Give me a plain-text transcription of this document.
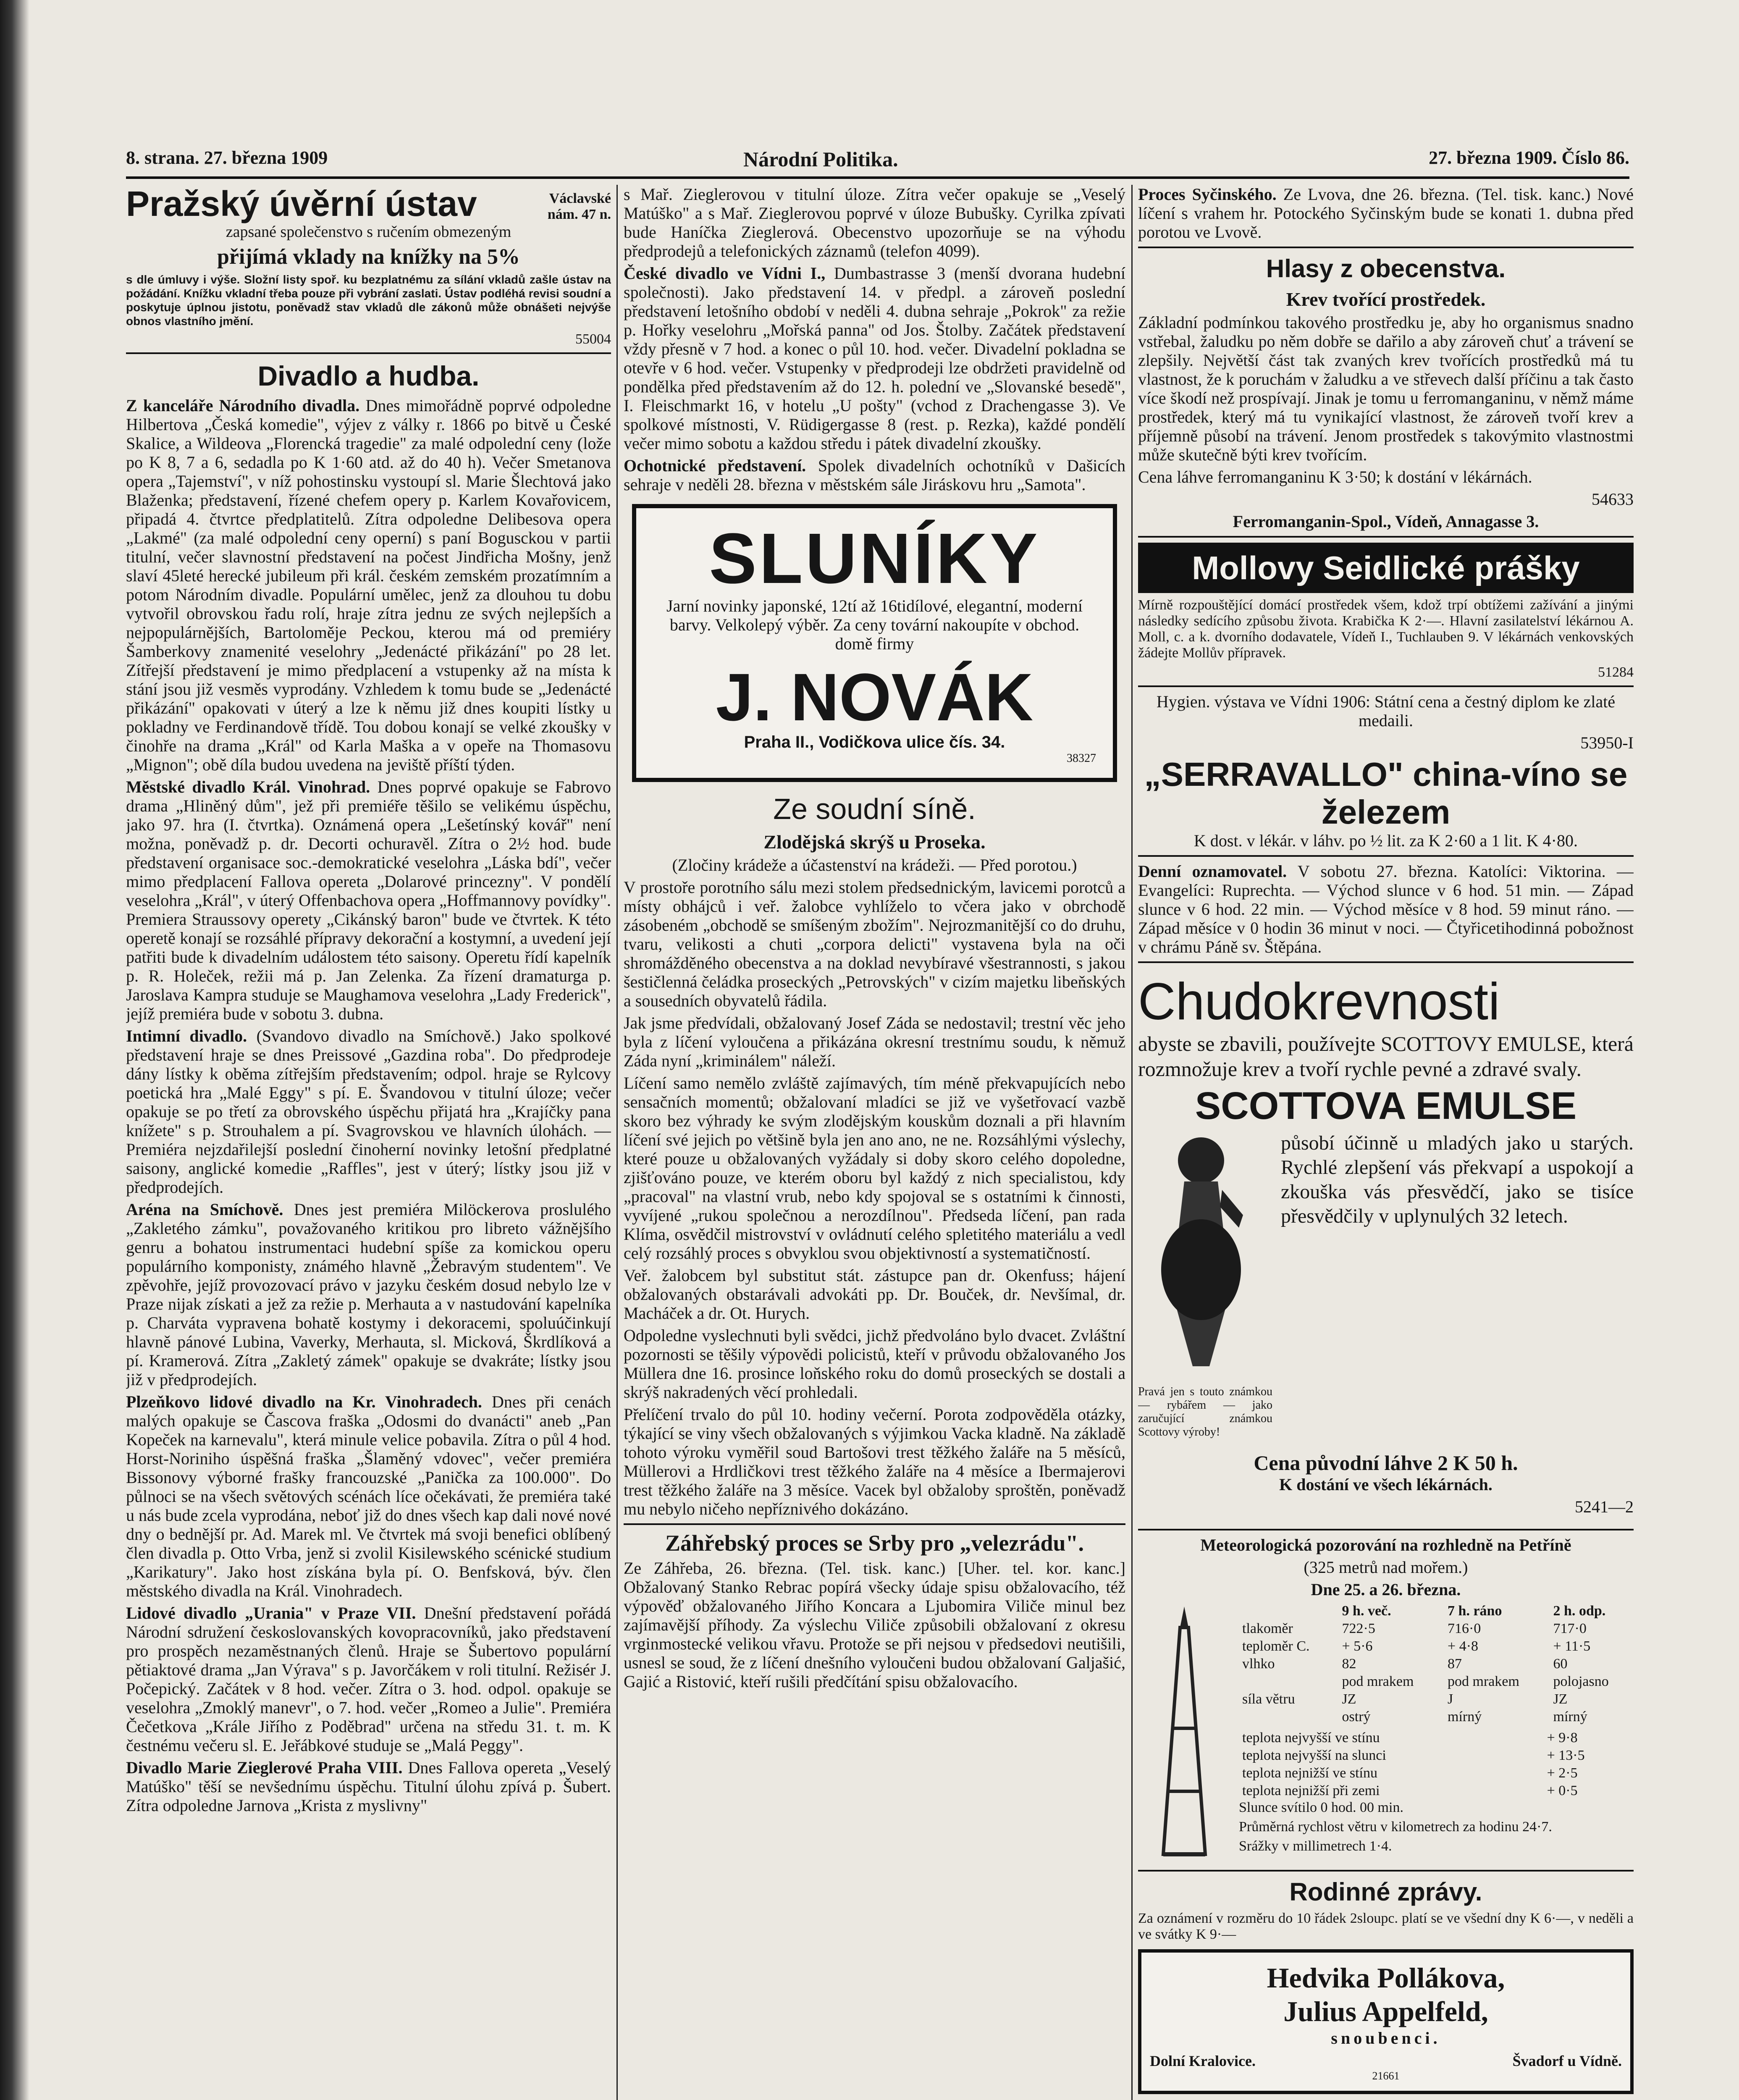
8. strana. 27. března 1909	Národní Politika.	27. března 1909. Číslo 86.
Pražský úvěrní ústav	Václavské nám. 47 n.

zapsané společenstvo s ručením obmezeným

přijímá vklady na knížky na 5%

s dle úmluvy i výše. Složní listy spoř. ku bezplatnému za sílání vkladů zašle ústav na požádání. Knížku vkladní třeba pouze při vybrání zaslati. Ústav podléhá revisi soudní a poskytuje úplnou jistotu, poněvadž stav vkladů dle zákonů může obnášeti nejvýše obnos vlastního jmění.

55004

Divadlo a hudba.

Z kanceláře Národního divadla. Dnes mimořádně poprvé odpoledne Hilbertova „Česká komedie", výjev z války r. 1866 po bitvě u České Skalice, a Wildeova „Florencká tragedie" za malé odpolední ceny (lože po K 8, 7 a 6, sedadla po K 1·60 atd. až do 40 h). Večer Smetanova opera „Tajemství", v níž pohostinsku vystoupí sl. Marie Šlechtová jako Blaženka; představení, řízené chefem opery p. Karlem Kovařovicem, připadá 4. čtvrtce předplatitelů. Zítra odpoledne Delibesova opera „Lakmé" (za malé odpolední ceny operní) s paní Bogusckou v partii titulní, večer slavnostní představení na počest Jindřicha Mošny, jenž slaví 45leté herecké jubileum při král. českém zemském prozatímním a potom Národním divadle. Populární umělec, jenž za dlouhou tu dobu vytvořil obrovskou řadu rolí, hraje zítra jednu ze svých nejlepších a nejpopulárnějších, Bartoloměje Peckou, kterou má od premiéry Šamberkovy znamenité veselohry „Jedenácté přikázání" po 28 let. Zítřejší představení je mimo předplacení a vstupenky až na místa k stání jsou již vesměs vyprodány. Vzhledem k tomu bude se „Jedenácté přikázání" opakovati v úterý a lze k němu již dnes koupiti lístky u pokladny ve Ferdinandově třídě. Tou dobou konají se velké zkoušky v činohře na drama „Král" od Karla Maška a v opeře na Thomasovu „Mignon"; obě díla budou uvedena na jeviště příští týden.

Městské divadlo Král. Vinohrad. Dnes poprvé opakuje se Fabrovo drama „Hliněný dům", jež při premiéře těšilo se velikému úspěchu, jako 97. hra (I. čtvrtka). Oznámená opera „Lešetínský kovář" není možna, poněvadž p. dr. Decorti ochuravěl. Zítra o 2½ hod. bude představení organisace soc.-demokratické veselohra „Láska bdí", večer mimo předplacení Fallova opereta „Dolarové princezny". V pondělí veselohra „Král", v úterý Offenbachova opera „Hoffmannovy povídky". Premiera Straussovy operety „Cikánský baron" bude ve čtvrtek. K této operetě konají se rozsáhlé přípravy dekorační a kostymní, a uvedení její patřiti bude k divadelním událostem této saisony. Operetu řídí kapelník p. R. Holeček, režii má p. Jan Zelenka. Za řízení dramaturga p. Jaroslava Kampra studuje se Maughamova veselohra „Lady Frederick", jejíž premiéra bude v sobotu 3. dubna.

Intimní divadlo. (Svandovo divadlo na Smíchově.) Jako spolkové představení hraje se dnes Preissové „Gazdina roba". Do předprodeje dány lístky k oběma zítřejším představením; odpol. hraje se Rylcovy poetická hra „Malé Eggy" s pí. E. Švandovou v titulní úloze; večer opakuje se po třetí za obrovského úspěchu přijatá hra „Krajíčky pana knížete" s p. Strouhalem a pí. Svagrovskou ve hlavních úlohách. — Premiéra nejzdařilejší poslední činoherní novinky letošní předplatné saisony, anglické komedie „Raffles", jest v úterý; lístky jsou již v předprodejích.

Aréna na Smíchově. Dnes jest premiéra Milöckerova proslulého „Zakletého zámku", považovaného kritikou pro libreto vážnějšího genru a bohatou instrumentaci hudební spíše za komickou operu populárního komponisty, známého hlavně „Žebravým studentem". Ve zpěvohře, jejíž provozovací právo v jazyku českém dosud nebylo lze v Praze nijak získati a jež za režie p. Merhauta a v nastudování kapelníka p. Charváta vypravena bohatě kostymy i dekoracemi, spoluúčinkují hlavně pánové Lubina, Vaverky, Merhauta, sl. Micková, Škrdlíková a pí. Kramerová. Zítra „Zakletý zámek" opakuje se dvakráte; lístky jsou již v předprodejích.

Plzeňkovo lidové divadlo na Kr. Vinohradech. Dnes při cenách malých opakuje se Čascova fraška „Odosmi do dvanácti" aneb „Pan Kopeček na karnevalu", která minule velice pobavila. Zítra o půl 4 hod. Horst-Noriniho úspěšná fraška „Šlaměný vdovec", večer premiéra Bissonovy výborné frašky francouzské „Panička za 100.000". Do půlnoci se na všech světových scénách líce očekávati, že premiéra také u nás bude zcela vyprodána, neboť již do dnes všech kap dali nové nové dny o bednější pr. Ad. Marek ml. Ve čtvrtek má svoji benefici oblíbený člen divadla p. Otto Vrba, jenž si zvolil Kisilewského scénické studium „Karikatury". Jako host získána byla pí. O. Benfsková, býv. člen městského divadla na Král. Vinohradech.

Lidové divadlo „Urania" v Praze VII. Dnešní představení pořádá Národní sdružení českoslovanských kovopracovníků, jako představení pro prospěch nezaměstnaných členů. Hraje se Šubertovo populární pětiaktové drama „Jan Výrava" s p. Javorčákem v roli titulní. Režisér J. Počepický. Začátek v 8 hod. večer. Zítra o 3. hod. odpol. opakuje se veselohra „Zmoklý manevr", o 7. hod. večer „Romeo a Julie". Premiéra Čečetkova „Krále Jiřího z Poděbrad" určena na středu 31. t. m. K čestnému večeru sl. E. Jeřábkové studuje se „Malá Peggy".

Divadlo Marie Zieglerové Praha VIII. Dnes Fallova opereta „Veselý Matúško" těší se nevšednímu úspěchu. Titulní úlohu zpívá p. Šubert. Zítra odpoledne Jarnova „Krista z myslivny"

s Mař. Zieglerovou v titulní úloze. Zítra večer opakuje se „Veselý Matúško" a s Mař. Zieglerovou poprvé v úloze Bubušky. Cyrilka zpívati bude Haníčka Zieglerová. Obecenstvo upozorňuje se na výhodu předprodejů a telefonických záznamů (telefon 4099).

České divadlo ve Vídni I., Dumbastrasse 3 (menší dvorana hudební společnosti). Jako představení 14. v předpl. a zároveň poslední představení letošního období v neděli 4. dubna sehraje „Pokrok" za režie p. Hořky veselohru „Mořská panna" od Jos. Štolby. Začátek představení vždy přesně v 7 hod. a konec o půl 10. hod. večer. Divadelní pokladna se otevře v 6 hod. večer. Vstupenky v předprodeji lze obdržeti pravidelně od pondělka před představením až do 12. h. polední ve „Slovanské besedě", I. Fleischmarkt 16, v hotelu „U pošty" (vchod z Drachengasse 3). Ve spolkové místnosti, V. Rüdigergasse 8 (rest. p. Rezka), každé pondělí večer mimo sobotu a každou středu i pátek divadelní zkoušky.

Ochotnické představení. Spolek divadelních ochotníků v Dašicích sehraje v neděli 28. března v městském sále Jiráskovu hru „Samota".

SLUNÍKY

Jarní novinky japonské, 12tí až 16tidílové, elegantní, moderní barvy. Velkolepý výběr. Za ceny tovární nakoupíte v obchod. domě firmy

J. NOVÁK
Praha II., Vodičkova ulice čís. 34.
38327
Ze soudní síně.
Zlodějská skrýš u Proseka.

(Zločiny krádeže a účastenství na krádeži. — Před porotou.)

V prostoře porotního sálu mezi stolem předsednickým, lavicemi porotců a místy obhájců i veř. žalobce vyhlíželo to včera jako v obrchodě zásobeném „obchodě se smíšeným zbožím". Nejrozmanitější co do druhu, tvaru, velikosti a chuti „corpora delicti" vystavena byla na oči shromážděného obecenstva a na doklad nevybíravé všestrannosti, s jakou šestičlenná čeládka proseckých „Petrovských" v cizím majetku libeňských a sousedních obyvatelů řádila.

Jak jsme předvídali, obžalovaný Josef Záda se nedostavil; trestní věc jeho byla z líčení vyloučena a přikázána okresní trestnímu soudu, k němuž Záda nyní „kriminálem" náleží.

Líčení samo nemělo zvláště zajímavých, tím méně překvapujících nebo sensačních momentů; obžalovaní mladíci se již ve vyšetřovací vazbě skoro bez výhrady ke svým zlodějským kouskům doznali a při hlavním líčení své jejich po většině byla jen ano ano, ne ne. Rozsáhlými výslechy, které pouze u obžalovaných vyžádaly si doby skoro celého dopoledne, zjišťováno pouze, ve kterém oboru byl každý z nich specialistou, kdy „pracoval" na vlastní vrub, nebo kdy spojoval se s ostatními k činnosti, vyvíjené „rukou společnou a nerozdílnou". Předseda líčení, pan rada Klíma, osvědčil mistrovství v ovládnutí celého spletitého materiálu a vedl celý rozsáhlý proces s obvyklou svou objektivností a systematičností.

Veř. žalobcem byl substitut stát. zástupce pan dr. Okenfuss; hájení obžalovaných obstarávali advokáti pp. Dr. Bouček, dr. Nevšímal, dr. Macháček a dr. Ot. Hurych.

Odpoledne vyslechnuti byli svědci, jichž předvoláno bylo dvacet. Zvláštní pozornosti se těšily výpovědi policistů, kteří v průvodu obžalovaného Jos Müllera dne 16. prosince loňského roku do domů proseckých se dostali a skrýš nakradených věcí prohledali.

Přelíčení trvalo do půl 10. hodiny večerní. Porota zodpověděla otázky, týkající se viny všech obžalovaných s výjimkou Vacka kladně. Na základě tohoto výroku vyměřil soud Bartošovi trest těžkého žaláře na 5 měsíců, Müllerovi a Hrdličkovi trest těžkého žaláře na 4 měsíce a Ibermajerovi trest těžkého žaláře na 3 měsíce. Vacek byl obžaloby sproštěn, poněvadž mu nebylo ničeho nepříznivého dokázáno.

Záhřebský proces se Srby pro „velezrádu".

Ze Záhřeba, 26. března. (Tel. tisk. kanc.) [Uher. tel. kor. kanc.] Obžalovaný Stanko Rebrac popírá všecky údaje spisu obžalovacího, též výpověď obžalovaného Jiřího Koncara a Ljubomira Viliče minul bez zajímavější příhody. Za výslechu Viliče způsobili obžalovaní z okresu vrginmostecké velikou vřavu. Protože se při nejsou v předsedovi neutišili, usnesl se soud, že z líčení dnešního vyloučeni budou obžalovaní Galjašić, Gajić a Ristović, kteří rušili předčítání spisu obžalovacího.

Proces Syčinského. Ze Lvova, dne 26. března. (Tel. tisk. kanc.) Nové líčení s vrahem hr. Potockého Syčinským bude se konati 1. dubna před porotou ve Lvově.

Hlasy z obecenstva.
Krev tvořící prostředek.

Základní podmínkou takového prostředku je, aby ho organismus snadno vstřebal, žaludku po něm dobře se dařilo a aby zároveň chuť a trávení se zlepšily. Největší část tak zvaných krev tvořících prostředků má tu vlastnost, že k poruchám v žaludku a ve střevech další příčinu a tak často více škodí než prospívají. Jinak je tomu u ferromanganinu, v němž máme prostředek, který má tu vynikající vlastnost, že zároveň tvoří krev a příjemně působí na trávení. Jenom prostředek s takovýmito vlastnostmi může skutečně býti krev tvořícím.

Cena láhve ferromanganinu K 3·50; k dostání v lékárnách.

54633

Ferromanganin-Spol., Vídeň, Annagasse 3.

Mollovy Seidlické prášky

Mírně rozpouštějící domácí prostředek všem, kdož trpí obtížemi zažívání a jinými následky sedícího způsobu života. Krabička K 2·—. Hlavní zasilatelství lékárnou A. Moll, c. a k. dvorního dodavatele, Vídeň I., Tuchlauben 9. V lékárnách venkovských žádejte Mollův přípravek.

51284

Hygien. výstava ve Vídni 1906: Státní cena a čestný diplom ke zlaté medaili.

53950-I

„SERRAVALLO" china-víno se železem

K dost. v lékár. v láhv. po ½ lit. za K 2·60 a 1 lit. K 4·80.

Denní oznamovatel. V sobotu 27. března. Katolíci: Viktorina. — Evangelíci: Ruprechta. — Východ slunce v 6 hod. 51 min. — Západ slunce v 6 hod. 22 min. — Východ měsíce v 8 hod. 59 minut ráno. — Západ měsíce v 0 hodin 36 minut v noci. — Čtyřicetihodinná pobožnost v chrámu Páně sv. Štěpána.

Chudokrevnosti

abyste se zbavili, používejte SCOTTOVY EMULSE, která rozmnožuje krev a tvoří rychle pevné a zdravé svaly.

SCOTTOVA EMULSE

Pravá jen s touto známkou — rybářem — jako zaručující známkou Scottovy výroby!

působí účinně u mladých jako u starých. Rychlé zlepšení vás překvapí a uspokojí a zkouška vás přesvědčí, jako se tisíce přesvědčily v uplynulých 32 letech.

Cena původní láhve 2 K 50 h.

K dostání ve všech lékárnách.

5241—2

Meteorologická pozorování na rozhledně na Petříně

(325 metrů nad mořem.)

Dne 25. a 26. března.

	9 h. več.	7 h. ráno	2 h. odp.
tlakoměr	722·5	716·0	717·0
teploměr C.	+ 5·6	+ 4·8	+ 11·5
vlhko	82	87	60
	pod mrakem	pod mrakem	polojasno
síla větru	JZ	J	JZ
	ostrý	mírný	mírný
teplota nejvyšší ve stínu	+ 9·8
teplota nejvyšší na slunci	+ 13·5
teplota nejnižší ve stínu	+ 2·5
teplota nejnižší při zemi	+ 0·5

Slunce svítilo 0 hod. 00 min.

Průměrná rychlost větru v kilometrech za hodinu 24·7.

Srážky v millimetrech 1·4.

Rodinné zprávy.

Za oznámení v rozměru do 10 řádek 2sloupc. platí se ve všední dny K 6·—, v neděli a ve svátky K 9·—

Hedvika Pollákova,
Julius Appelfeld,
snoubenci.
Dolní Kralovice.	Švadorf u Vídně.
21661
